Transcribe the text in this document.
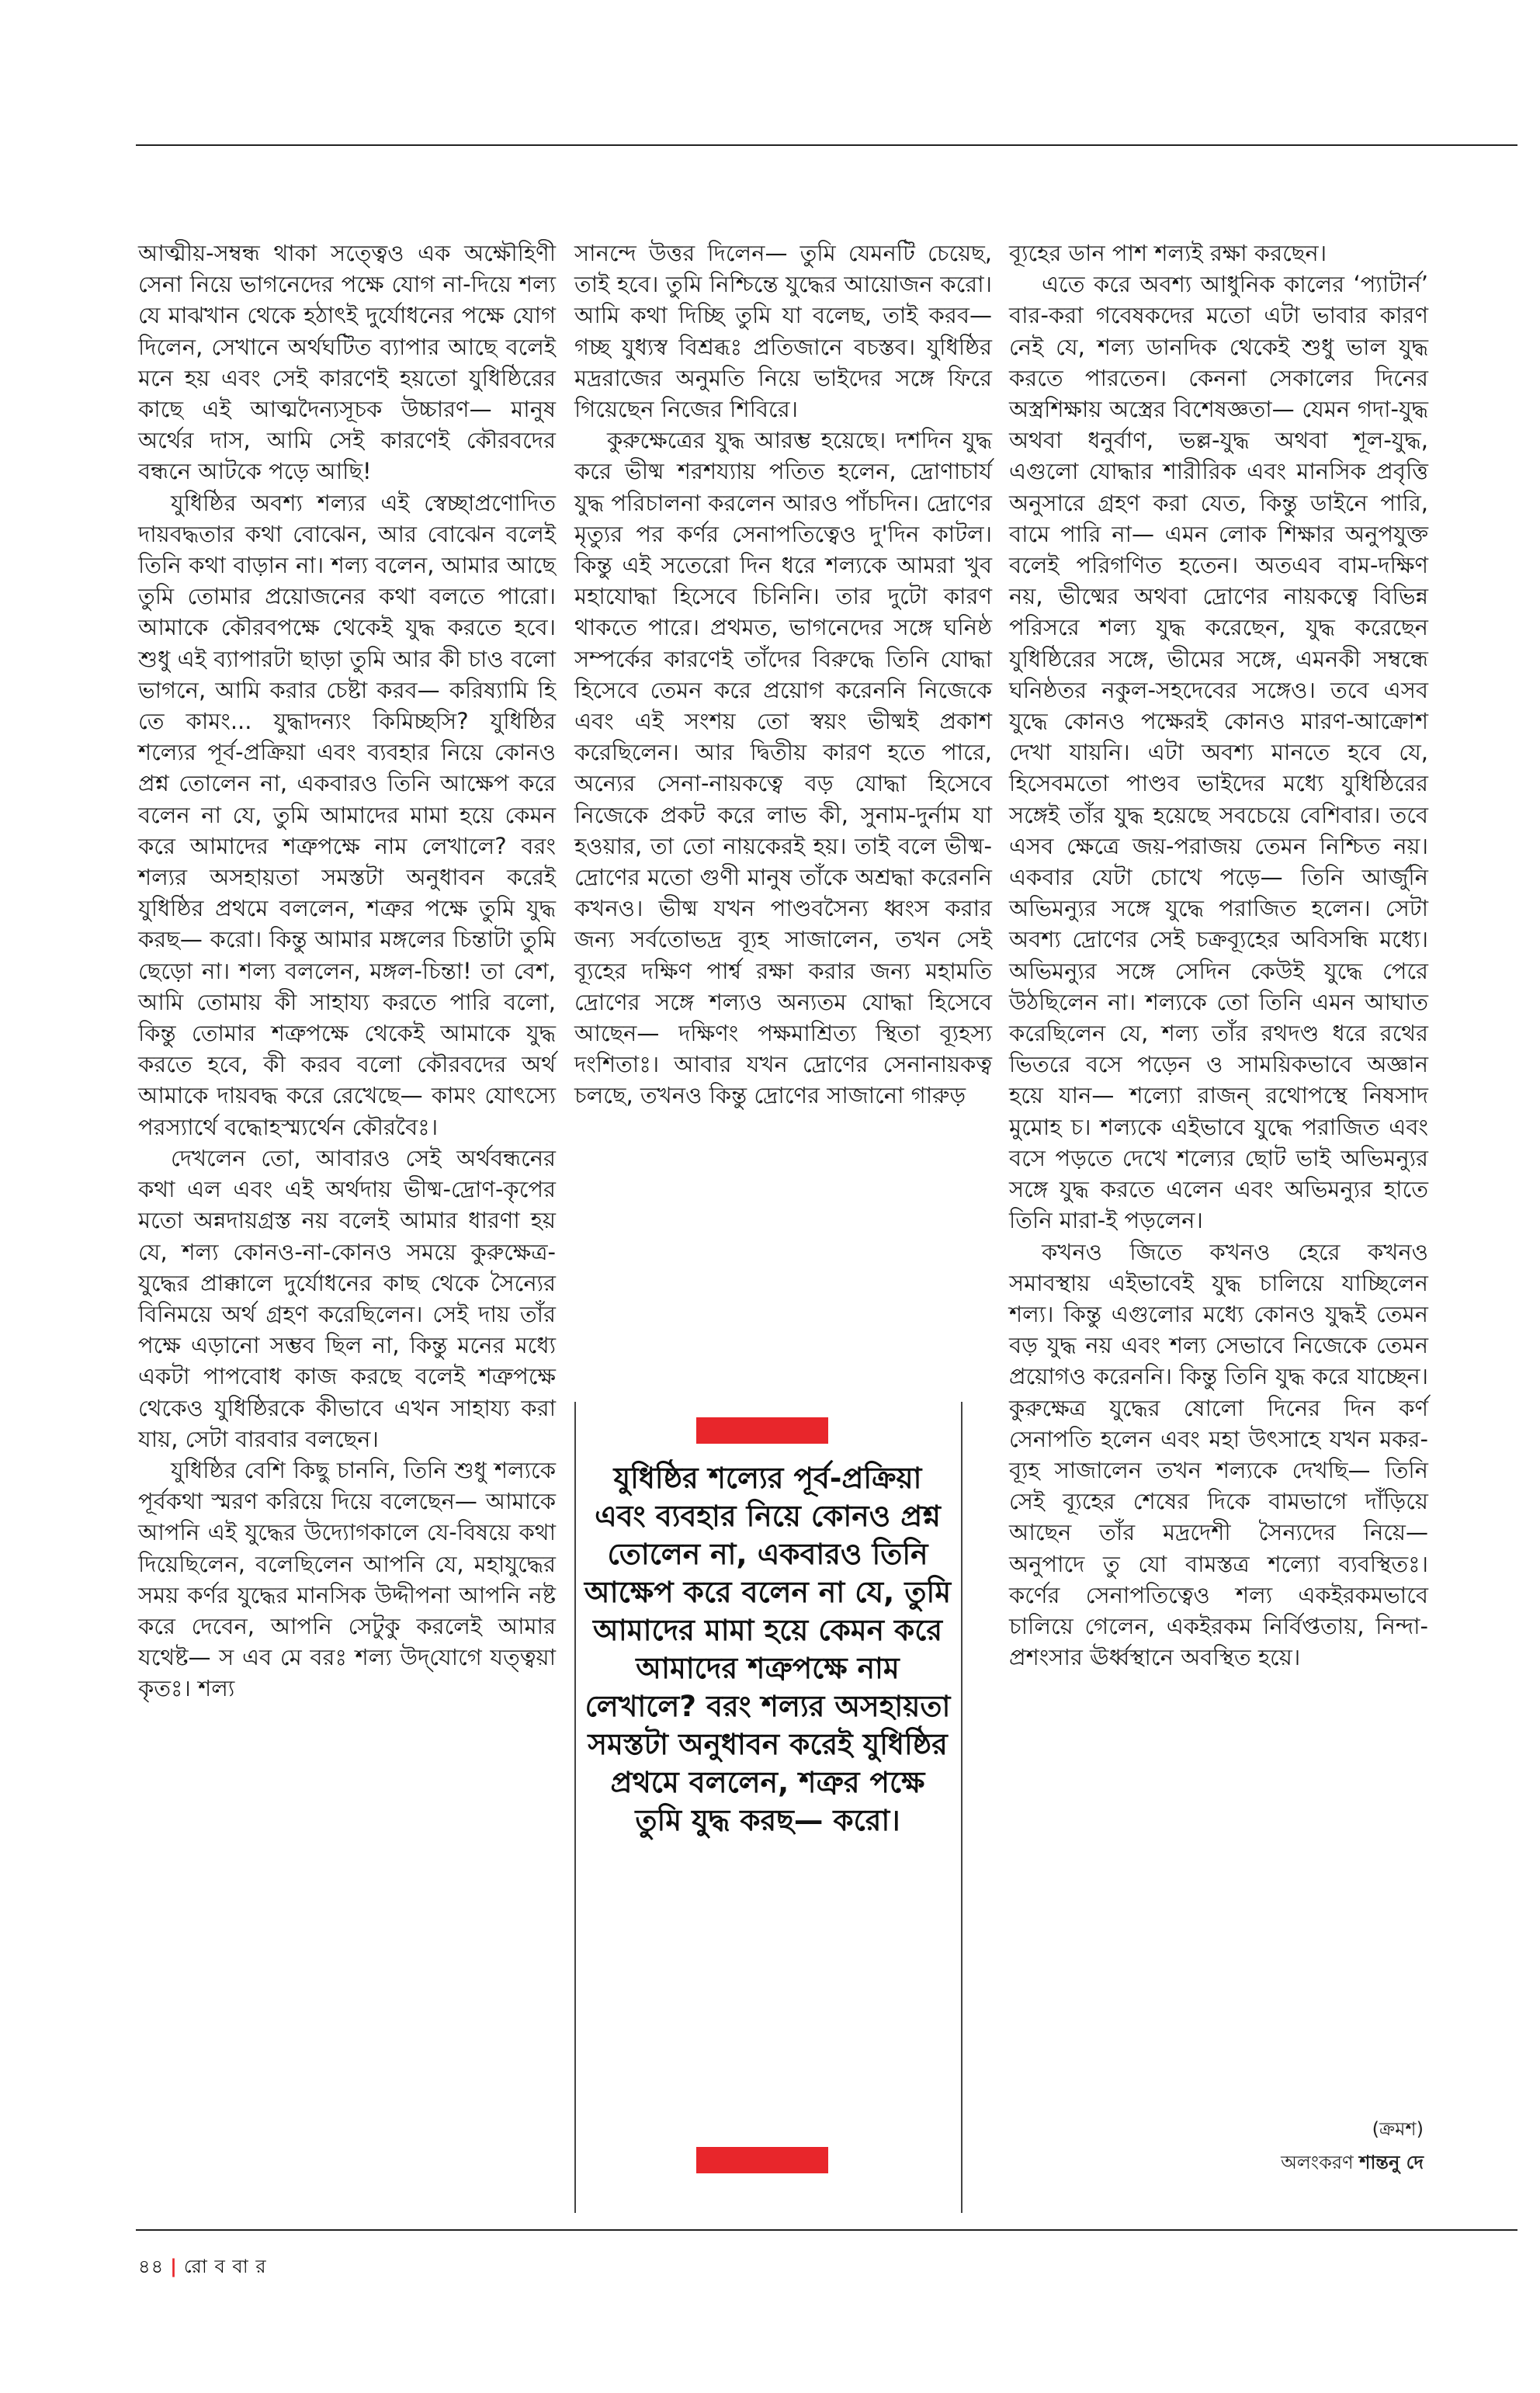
আত্মীয়-সম্বন্ধ থাকা সত্ত্বেও এক অক্ষৌহিণী সেনা নিয়ে ভাগনেদের পক্ষে যোগ না-দিয়ে শল্য যে মাঝখান থেকে হঠাৎই দুর্যোধনের পক্ষে যোগ দিলেন, সেখানে অর্থঘটিত ব্যাপার আছে বলেই মনে হয় এবং সেই কারণেই হয়তো যুধিষ্ঠিরের কাছে এই আত্মদৈন্যসূচক উচ্চারণ— মানুষ অর্থের দাস, আমি সেই কারণেই কৌরবদের বন্ধনে আটকে পড়ে আছি!

যুধিষ্ঠির অবশ্য শল্যর এই স্বেচ্ছাপ্রণোদিত দায়বদ্ধতার কথা বোঝেন, আর বোঝেন বলেই তিনি কথা বাড়ান না। শল্য বলেন, আমার আছে তুমি তোমার প্রয়োজনের কথা বলতে পারো। আমাকে কৌরবপক্ষে থেকেই যুদ্ধ করতে হবে। শুধু এই ব্যাপারটা ছাড়া তুমি আর কী চাও বলো ভাগনে, আমি করার চেষ্টা করব— করিষ্যামি হি তে কামং... যুদ্ধাদন্যং কিমিচ্ছসি? যুধিষ্ঠির শল্যের পূর্ব-প্রক্রিয়া এবং ব্যবহার নিয়ে কোনও প্রশ্ন তোলেন না, একবারও তিনি আক্ষেপ করে বলেন না যে, তুমি আমাদের মামা হয়ে কেমন করে আমাদের শত্রুপক্ষে নাম লেখালে? বরং শল্যর অসহায়তা সমস্তটা অনুধাবন করেই যুধিষ্ঠির প্রথমে বললেন, শত্রুর পক্ষে তুমি যুদ্ধ করছ— করো। কিন্তু আমার মঙ্গলের চিন্তাটা তুমি ছেড়ো না। শল্য বললেন, মঙ্গল-চিন্তা! তা বেশ, আমি তোমায় কী সাহায্য করতে পারি বলো, কিন্তু তোমার শত্রুপক্ষে থেকেই আমাকে যুদ্ধ করতে হবে, কী করব বলো কৌরবদের অর্থ আমাকে দায়বদ্ধ করে রেখেছে— কামং যোৎস্যে পরস্যার্থে বদ্ধোহস্ম্যর্থেন কৌরবৈঃ।

দেখলেন তো, আবারও সেই অর্থবন্ধনের কথা এল এবং এই অর্থদায় ভীষ্ম-দ্রোণ-কৃপের মতো অন্নদায়গ্রস্ত নয় বলেই আমার ধারণা হয় যে, শল্য কোনও-না-কোনও সময়ে কুরুক্ষেত্র-যুদ্ধের প্রাক্কালে দুর্যোধনের কাছ থেকে সৈন্যের বিনিময়ে অর্থ গ্রহণ করেছিলেন। সেই দায় তাঁর পক্ষে এড়ানো সম্ভব ছিল না, কিন্তু মনের মধ্যে একটা পাপবোধ কাজ করছে বলেই শত্রুপক্ষে থেকেও যুধিষ্ঠিরকে কীভাবে এখন সাহায্য করা যায়, সেটা বারবার বলছেন।

যুধিষ্ঠির বেশি কিছু চাননি, তিনি শুধু শল্যকে পূর্বকথা স্মরণ করিয়ে দিয়ে বলেছেন— আমাকে আপনি এই যুদ্ধের উদ্যোগকালে যে-বিষয়ে কথা দিয়েছিলেন, বলেছিলেন আপনি যে, মহাযুদ্ধের সময় কর্ণর যুদ্ধের মানসিক উদ্দীপনা আপনি নষ্ট করে দেবেন, আপনি সেটুকু করলেই আমার যথেষ্ট— স এব মে বরঃ শল্য উদ্‌যোগে যত্ত্বয়া কৃতঃ। শল্য

সানন্দে উত্তর দিলেন— তুমি যেমনটি চেয়েছ, তাই হবে। তুমি নিশ্চিন্তে যুদ্ধের আয়োজন করো। আমি কথা দিচ্ছি তুমি যা বলেছ, তাই করব— গচ্ছ যুধ্যস্ব বিশ্রব্ধঃ প্রতিজানে বচস্তব। যুধিষ্ঠির মদ্ররাজের অনুমতি নিয়ে ভাইদের সঙ্গে ফিরে গিয়েছেন নিজের শিবিরে।

কুরুক্ষেত্রের যুদ্ধ আরম্ভ হয়েছে। দশদিন যুদ্ধ করে ভীষ্ম শরশয্যায় পতিত হলেন, দ্রোণাচার্য যুদ্ধ পরিচালনা করলেন আরও পাঁচদিন। দ্রোণের মৃত্যুর পর কর্ণর সেনাপতিত্বেও দু'দিন কাটল। কিন্তু এই সতেরো দিন ধরে শল্যকে আমরা খুব মহাযোদ্ধা হিসেবে চিনিনি। তার দুটো কারণ থাকতে পারে। প্রথমত, ভাগনেদের সঙ্গে ঘনিষ্ঠ সম্পর্কের কারণেই তাঁদের বিরুদ্ধে তিনি যোদ্ধা হিসেবে তেমন করে প্রয়োগ করেননি নিজেকে এবং এই সংশয় তো স্বয়ং ভীষ্মই প্রকাশ করেছিলেন। আর দ্বিতীয় কারণ হতে পারে, অন্যের সেনা-নায়কত্বে বড় যোদ্ধা হিসেবে নিজেকে প্রকট করে লাভ কী, সুনাম-দুর্নাম যা হওয়ার, তা তো নায়কেরই হয়। তাই বলে ভীষ্ম-দ্রোণের মতো গুণী মানুষ তাঁকে অশ্রদ্ধা করেননি কখনও। ভীষ্ম যখন পাণ্ডবসৈন্য ধ্বংস করার জন্য সর্বতোভদ্র ব্যূহ সাজালেন, তখন সেই ব্যূহের দক্ষিণ পার্শ্ব রক্ষা করার জন্য মহামতি দ্রোণের সঙ্গে শল্যও অন্যতম যোদ্ধা হিসেবে আছেন— দক্ষিণং পক্ষমাশ্রিত্য স্থিতা ব্যূহস্য দংশিতাঃ। আবার যখন দ্রোণের সেনানায়কত্ব চলছে, তখনও কিন্তু দ্রোণের সাজানো গারুড়

যুধিষ্ঠির শল্যের পূর্ব-প্রক্রিয়া এবং ব্যবহার নিয়ে কোনও প্রশ্ন তোলেন না, একবারও তিনি আক্ষেপ করে বলেন না যে, তুমি আমাদের মামা হয়ে কেমন করে আমাদের শত্রুপক্ষে নাম লেখালে? বরং শল্যর অসহায়তা সমস্তটা অনুধাবন করেই যুধিষ্ঠির প্রথমে বললেন, শত্রুর পক্ষে তুমি যুদ্ধ করছ— করো।

ব্যূহের ডান পাশ শল্যই রক্ষা করছেন।

এতে করে অবশ্য আধুনিক কালের ‘প্যাটার্ন’ বার-করা গবেষকদের মতো এটা ভাবার কারণ নেই যে, শল্য ডানদিক থেকেই শুধু ভাল যুদ্ধ করতে পারতেন। কেননা সেকালের দিনের অস্ত্রশিক্ষায় অস্ত্রের বিশেষজ্ঞতা— যেমন গদা-যুদ্ধ অথবা ধনুর্বাণ, ভল্ল-যুদ্ধ অথবা শূল-যুদ্ধ, এগুলো যোদ্ধার শারীরিক এবং মানসিক প্রবৃত্তি অনুসারে গ্রহণ করা যেত, কিন্তু ডাইনে পারি, বামে পারি না— এমন লোক শিক্ষার অনুপযুক্ত বলেই পরিগণিত হতেন। অতএব বাম-দক্ষিণ নয়, ভীষ্মের অথবা দ্রোণের নায়কত্বে বিভিন্ন পরিসরে শল্য যুদ্ধ করেছেন, যুদ্ধ করেছেন যুধিষ্ঠিরের সঙ্গে, ভীমের সঙ্গে, এমনকী সম্বন্ধে ঘনিষ্ঠতর নকুল-সহদেবের সঙ্গেও। তবে এসব যুদ্ধে কোনও পক্ষেরই কোনও মারণ-আক্রোশ দেখা যায়নি। এটা অবশ্য মানতে হবে যে, হিসেবমতো পাণ্ডব ভাইদের মধ্যে যুধিষ্ঠিরের সঙ্গেই তাঁর যুদ্ধ হয়েছে সবচেয়ে বেশিবার। তবে এসব ক্ষেত্রে জয়-পরাজয় তেমন নিশ্চিত নয়। একবার যেটা চোখে পড়ে— তিনি আর্জুনি অভিমন্যুর সঙ্গে যুদ্ধে পরাজিত হলেন। সেটা অবশ্য দ্রোণের সেই চক্রব্যূহের অবিসন্ধি মধ্যে। অভিমন্যুর সঙ্গে সেদিন কেউই যুদ্ধে পেরে উঠছিলেন না। শল্যকে তো তিনি এমন আঘাত করেছিলেন যে, শল্য তাঁর রথদণ্ড ধরে রথের ভিতরে বসে পড়েন ও সাময়িকভাবে অজ্ঞান হয়ে যান— শল্যো রাজন্‌ রথোপস্থে নিষসাদ মুমোহ চ। শল্যকে এইভাবে যুদ্ধে পরাজিত এবং বসে পড়তে দেখে শল্যের ছোট ভাই অভিমন্যুর সঙ্গে যুদ্ধ করতে এলেন এবং অভিমন্যুর হাতে তিনি মারা-ই পড়লেন।

কখনও জিতে কখনও হেরে কখনও সমাবস্থায় এইভাবেই যুদ্ধ চালিয়ে যাচ্ছিলেন শল্য। কিন্তু এগুলোর মধ্যে কোনও যুদ্ধই তেমন বড় যুদ্ধ নয় এবং শল্য সেভাবে নিজেকে তেমন প্রয়োগও করেননি। কিন্তু তিনি যুদ্ধ করে যাচ্ছেন। কুরুক্ষেত্র যুদ্ধের ষোলো দিনের দিন কর্ণ সেনাপতি হলেন এবং মহা উৎসাহে যখন মকর-ব্যূহ সাজালেন তখন শল্যকে দেখছি— তিনি সেই ব্যূহের শেষের দিকে বামভাগে দাঁড়িয়ে আছেন তাঁর মদ্রদেশী সৈন্যদের নিয়ে— অনুপাদে তু যো বামস্তত্র শল্যো ব্যবস্থিতঃ। কর্ণের সেনাপতিত্বেও শল্য একইরকমভাবে চালিয়ে গেলেন, একইরকম নির্বিপ্ততায়, নিন্দা-প্রশংসার ঊর্ধ্বস্থানে অবস্থিত হয়ে।

(ক্রমশ)
অলংকরণ শান্তনু দে
৪৪ | রো ব বা র
